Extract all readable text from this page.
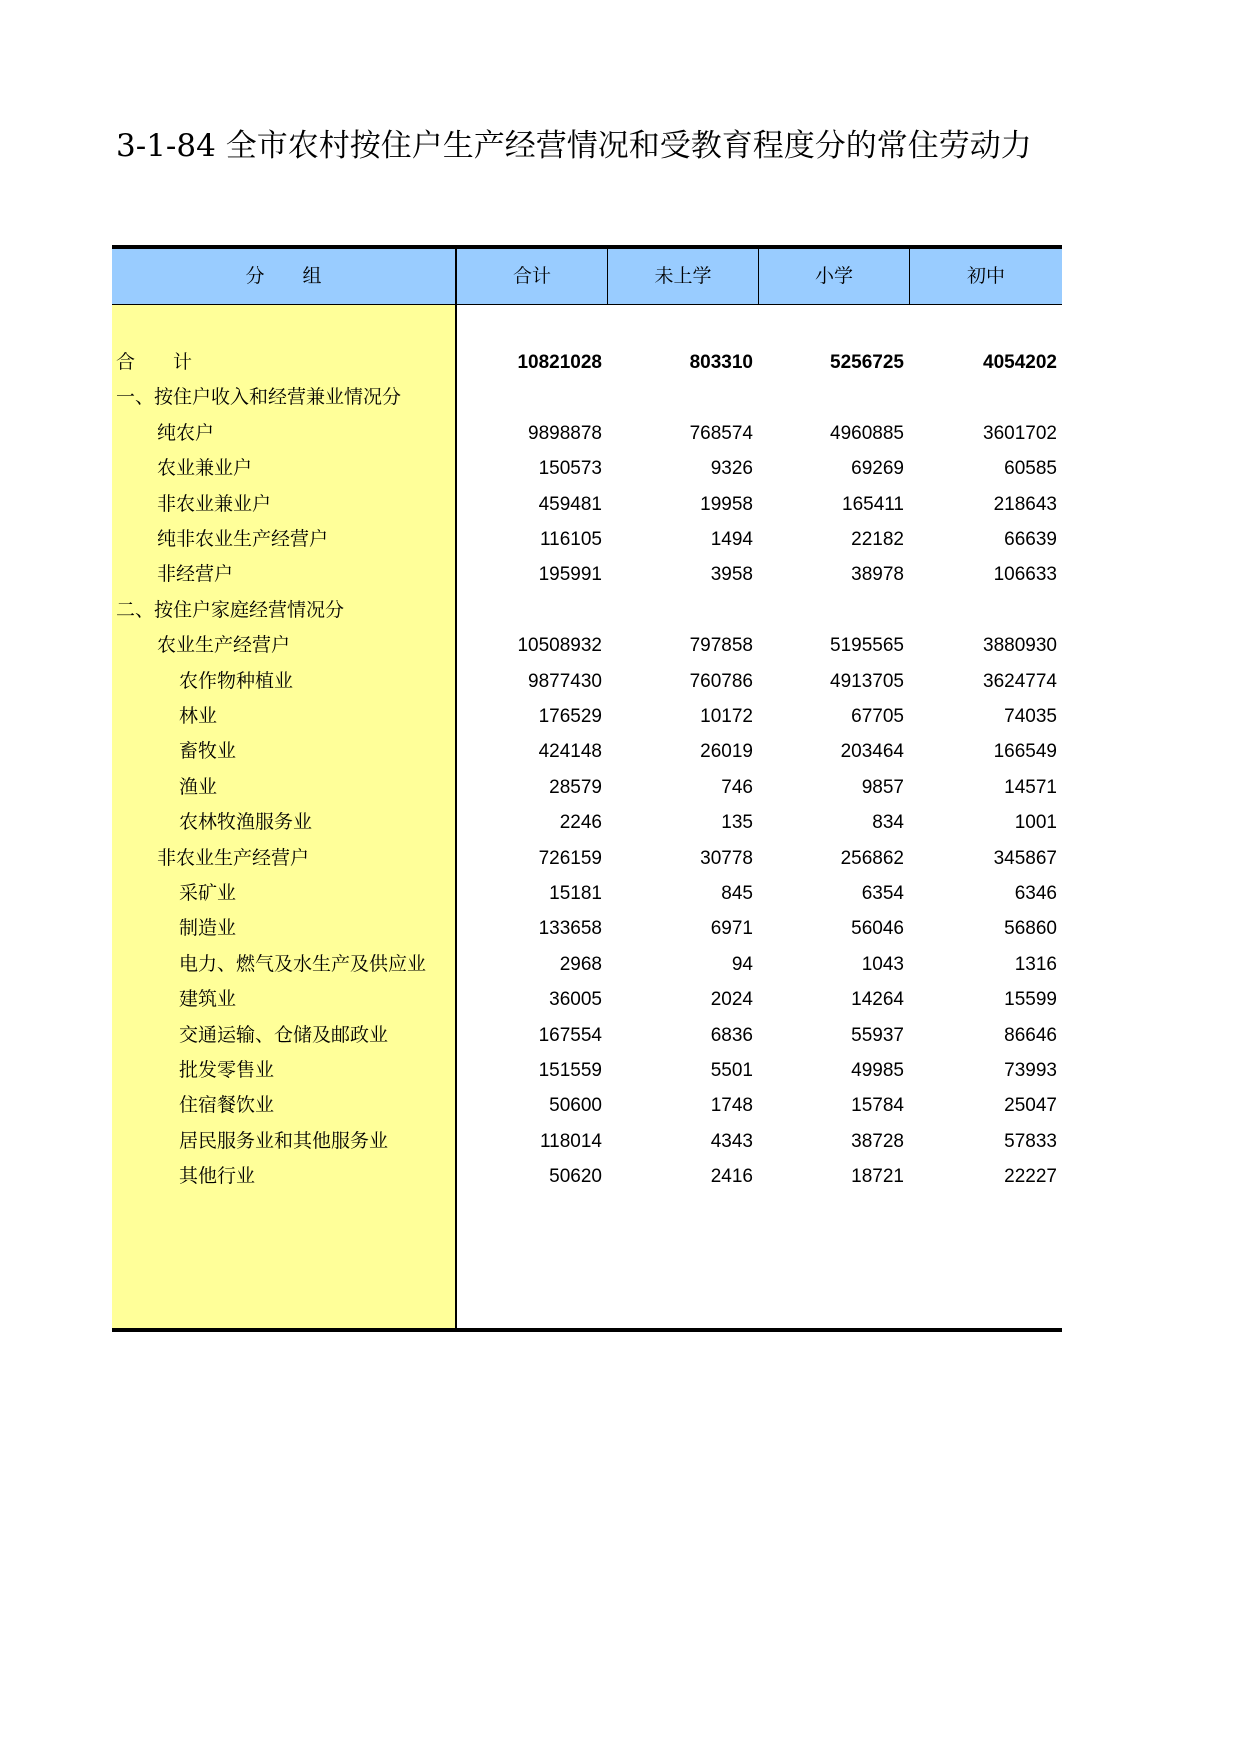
3-1-84 全市农村按住户生产经营情况和受教育程度分的常住劳动力
分　　组	合计	未上学	小学	初中
合　　计	10821028	803310	5256725	4054202
一、按住户收入和经营兼业情况分
纯农户	9898878	768574	4960885	3601702
农业兼业户	150573	9326	69269	60585
非农业兼业户	459481	19958	165411	218643
纯非农业生产经营户	116105	1494	22182	66639
非经营户	195991	3958	38978	106633
二、按住户家庭经营情况分
农业生产经营户	10508932	797858	5195565	3880930
农作物种植业	9877430	760786	4913705	3624774
林业	176529	10172	67705	74035
畜牧业	424148	26019	203464	166549
渔业	28579	746	9857	14571
农林牧渔服务业	2246	135	834	1001
非农业生产经营户	726159	30778	256862	345867
采矿业	15181	845	6354	6346
制造业	133658	6971	56046	56860
电力、燃气及水生产及供应业	2968	94	1043	1316
建筑业	36005	2024	14264	15599
交通运输、仓储及邮政业	167554	6836	55937	86646
批发零售业	151559	5501	49985	73993
住宿餐饮业	50600	1748	15784	25047
居民服务业和其他服务业	118014	4343	38728	57833
其他行业	50620	2416	18721	22227
